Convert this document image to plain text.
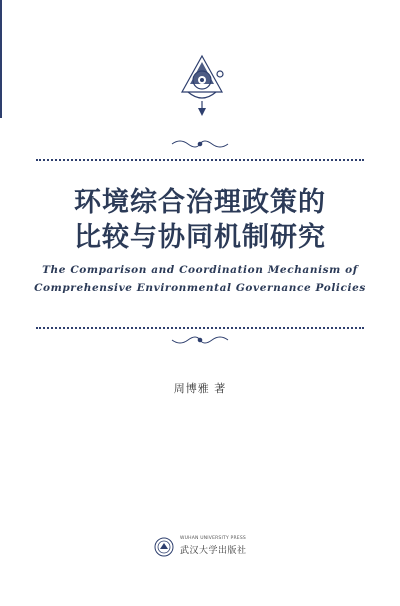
环境综合治理政策的
比较与协同机制研究
The Comparison and Coordination Mechanism of
Comprehensive Environmental Governance Policies
周博雅 著
WUHAN UNIVERSITY PRESS
武汉大学出版社
